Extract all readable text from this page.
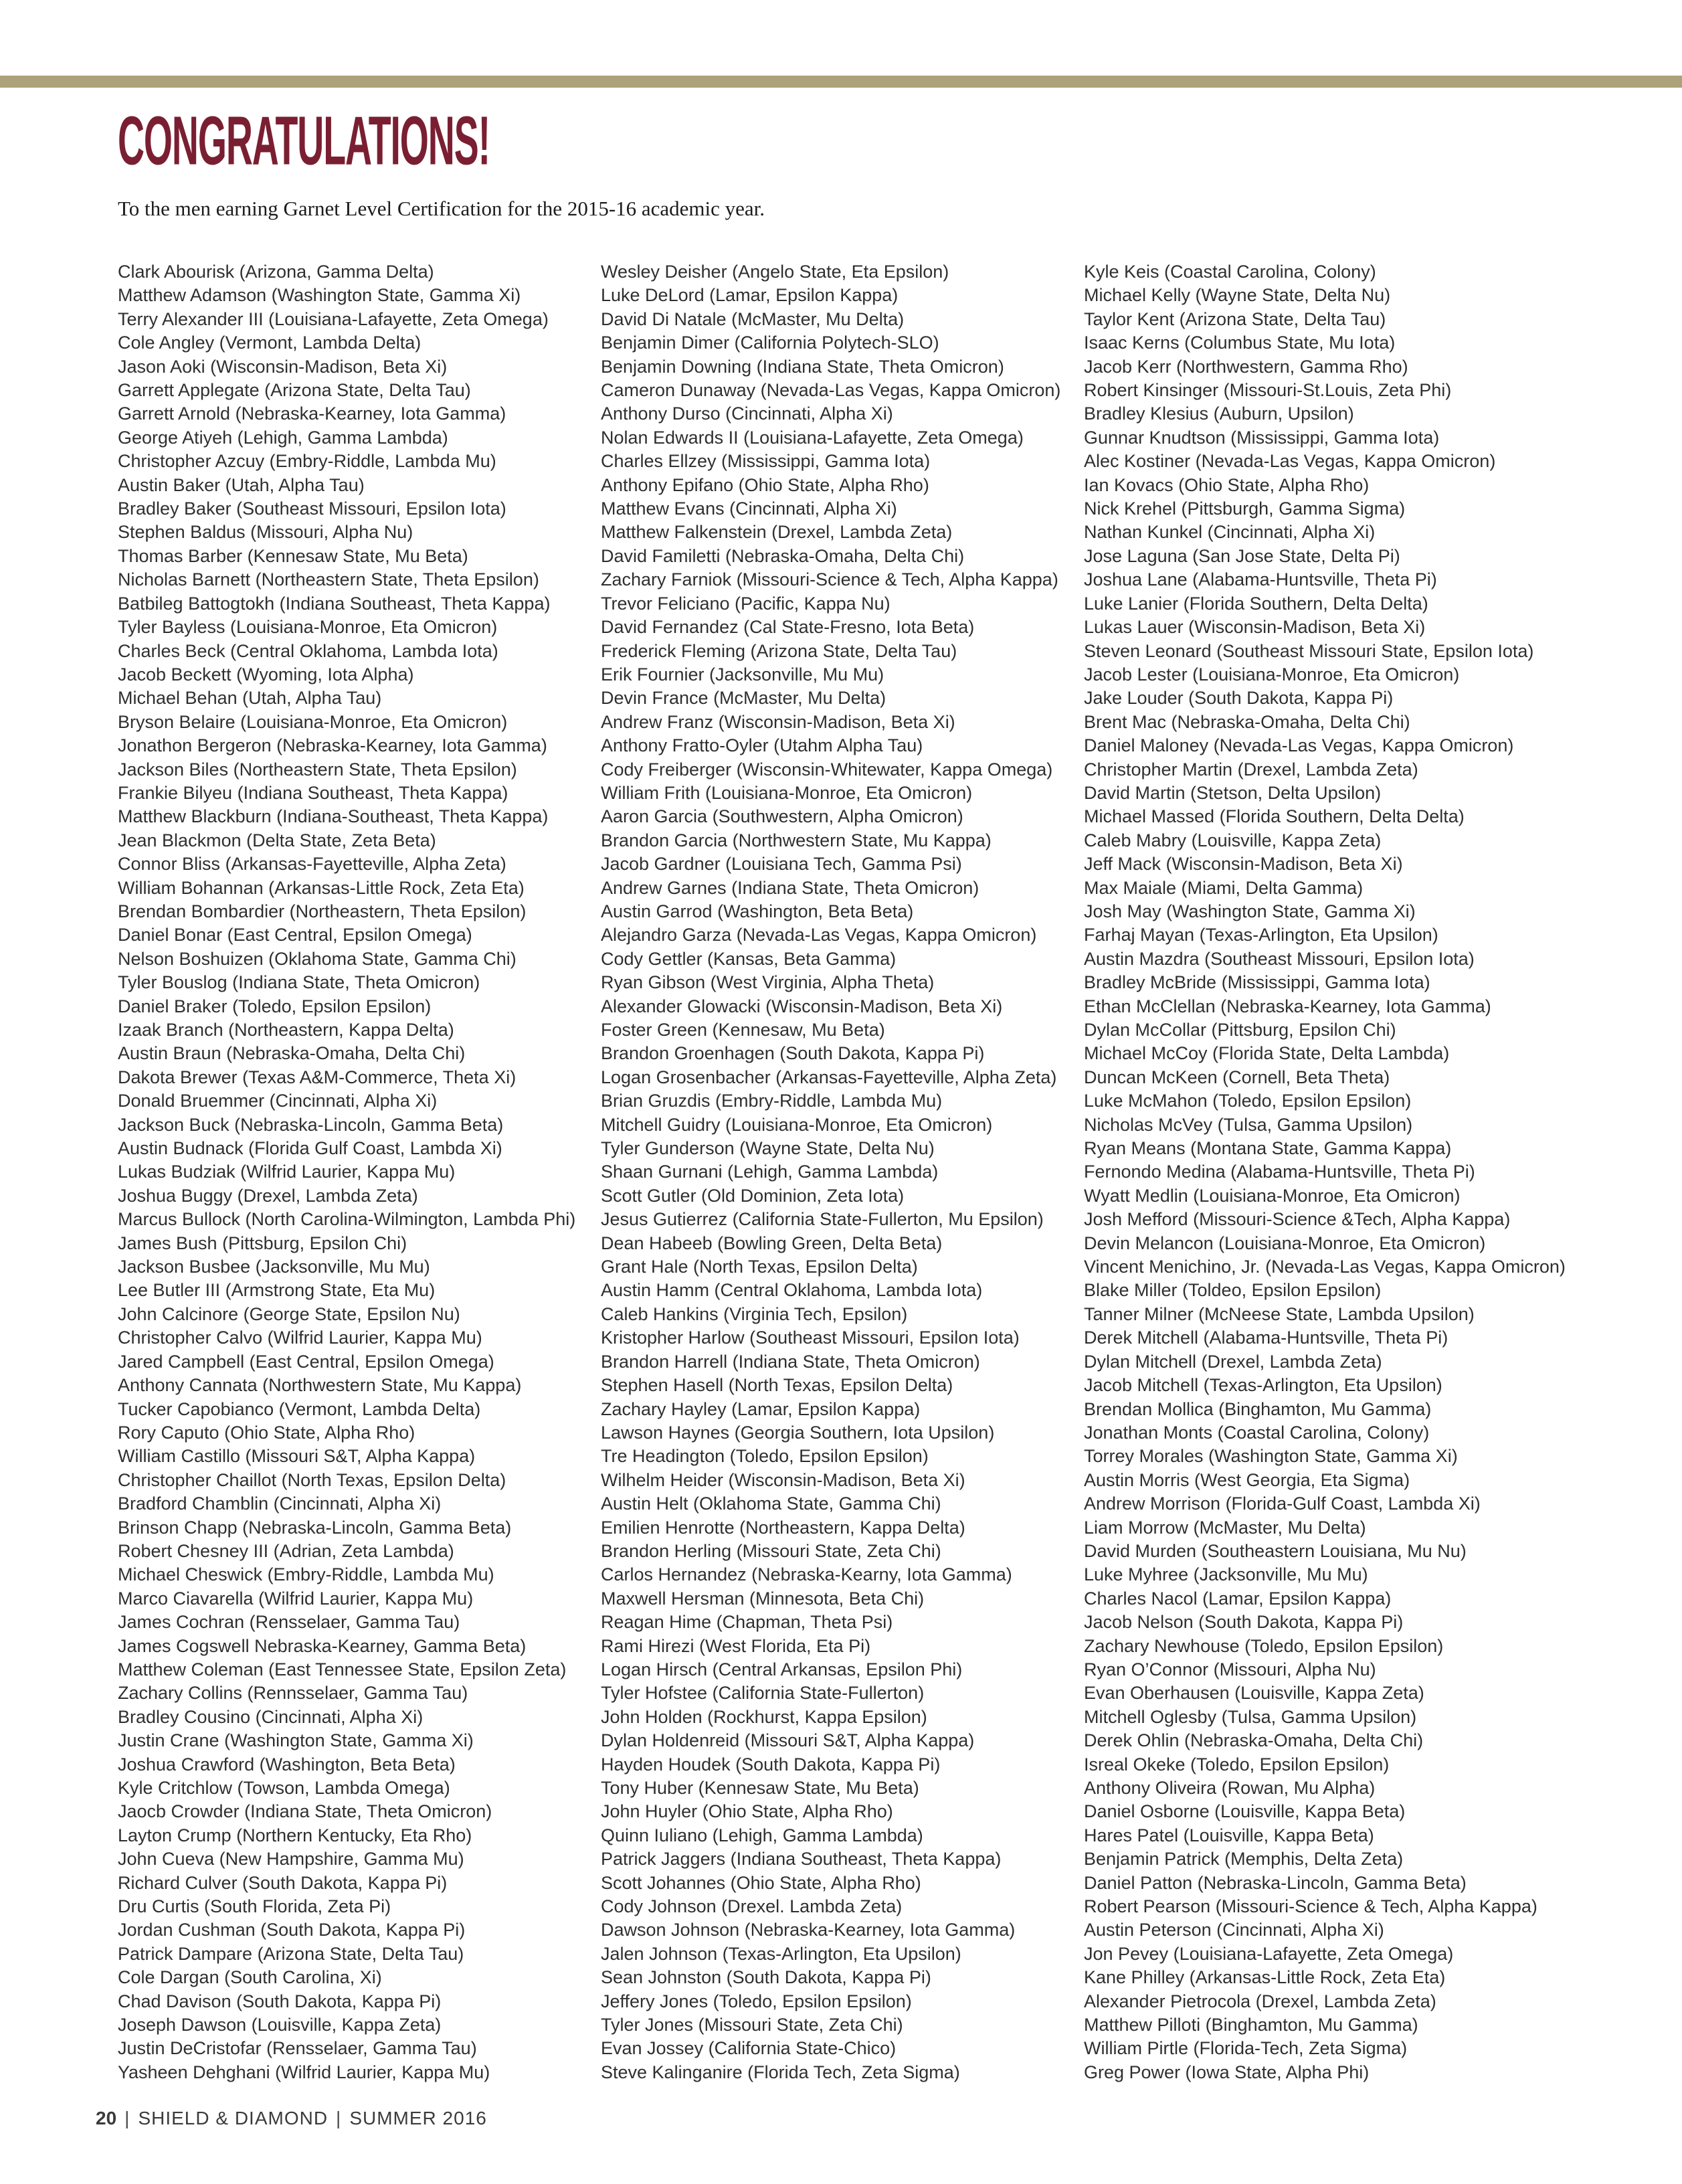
CONGRATULATIONS!

To the men earning Garnet Level Certification for the 2015-16 academic year.

Clark Abourisk (Arizona, Gamma Delta)
Matthew Adamson (Washington State, Gamma Xi)
Terry Alexander III (Louisiana-Lafayette, Zeta Omega)
Cole Angley (Vermont, Lambda Delta)
Jason Aoki (Wisconsin-Madison, Beta Xi)
Garrett Applegate (Arizona State, Delta Tau)
Garrett Arnold (Nebraska-Kearney, Iota Gamma)
George Atiyeh (Lehigh, Gamma Lambda)
Christopher Azcuy (Embry-Riddle, Lambda Mu)
Austin Baker (Utah, Alpha Tau)
Bradley Baker (Southeast Missouri, Epsilon Iota)
Stephen Baldus (Missouri, Alpha Nu)
Thomas Barber (Kennesaw State, Mu Beta)
Nicholas Barnett (Northeastern State, Theta Epsilon)
Batbileg Battogtokh (Indiana Southeast, Theta Kappa)
Tyler Bayless (Louisiana-Monroe, Eta Omicron)
Charles Beck (Central Oklahoma, Lambda Iota)
Jacob Beckett (Wyoming, Iota Alpha)
Michael Behan (Utah, Alpha Tau)
Bryson Belaire (Louisiana-Monroe, Eta Omicron)
Jonathon Bergeron (Nebraska-Kearney, Iota Gamma)
Jackson Biles (Northeastern State, Theta Epsilon)
Frankie Bilyeu (Indiana Southeast, Theta Kappa)
Matthew Blackburn (Indiana-Southeast, Theta Kappa)
Jean Blackmon (Delta State, Zeta Beta)
Connor Bliss (Arkansas-Fayetteville, Alpha Zeta)
William Bohannan (Arkansas-Little Rock, Zeta Eta)
Brendan Bombardier (Northeastern, Theta Epsilon)
Daniel Bonar (East Central, Epsilon Omega)
Nelson Boshuizen (Oklahoma State, Gamma Chi)
Tyler Bouslog (Indiana State, Theta Omicron)
Daniel Braker (Toledo, Epsilon Epsilon)
Izaak Branch (Northeastern, Kappa Delta)
Austin Braun (Nebraska-Omaha, Delta Chi)
Dakota Brewer (Texas A&M-Commerce, Theta Xi)
Donald Bruemmer (Cincinnati, Alpha Xi)
Jackson Buck (Nebraska-Lincoln, Gamma Beta)
Austin Budnack (Florida Gulf Coast, Lambda Xi)
Lukas Budziak (Wilfrid Laurier, Kappa Mu)
Joshua Buggy (Drexel, Lambda Zeta)
Marcus Bullock (North Carolina-Wilmington, Lambda Phi)
James Bush (Pittsburg, Epsilon Chi)
Jackson Busbee (Jacksonville, Mu Mu)
Lee Butler III (Armstrong State, Eta Mu)
John Calcinore (George State, Epsilon Nu)
Christopher Calvo (Wilfrid Laurier, Kappa Mu)
Jared Campbell (East Central, Epsilon Omega)
Anthony Cannata (Northwestern State, Mu Kappa)
Tucker Capobianco (Vermont, Lambda Delta)
Rory Caputo (Ohio State, Alpha Rho)
William Castillo (Missouri S&T, Alpha Kappa)
Christopher Chaillot (North Texas, Epsilon Delta)
Bradford Chamblin (Cincinnati, Alpha Xi)
Brinson Chapp (Nebraska-Lincoln, Gamma Beta)
Robert Chesney III (Adrian, Zeta Lambda)
Michael Cheswick (Embry-Riddle, Lambda Mu)
Marco Ciavarella (Wilfrid Laurier, Kappa Mu)
James Cochran (Rensselaer, Gamma Tau)
James Cogswell Nebraska-Kearney, Gamma Beta)
Matthew Coleman (East Tennessee State, Epsilon Zeta)
Zachary Collins (Rennsselaer, Gamma Tau)
Bradley Cousino (Cincinnati, Alpha Xi)
Justin Crane (Washington State, Gamma Xi)
Joshua Crawford (Washington, Beta Beta)
Kyle Critchlow (Towson, Lambda Omega)
Jaocb Crowder (Indiana State, Theta Omicron)
Layton Crump (Northern Kentucky, Eta Rho)
John Cueva (New Hampshire, Gamma Mu)
Richard Culver (South Dakota, Kappa Pi)
Dru Curtis (South Florida, Zeta Pi)
Jordan Cushman (South Dakota, Kappa Pi)
Patrick Dampare (Arizona State, Delta Tau)
Cole Dargan (South Carolina, Xi)
Chad Davison (South Dakota, Kappa Pi)
Joseph Dawson (Louisville, Kappa Zeta)
Justin DeCristofar (Rensselaer, Gamma Tau)
Yasheen Dehghani (Wilfrid Laurier, Kappa Mu)
Wesley Deisher (Angelo State, Eta Epsilon)
Luke DeLord (Lamar, Epsilon Kappa)
David Di Natale (McMaster, Mu Delta)
Benjamin Dimer (California Polytech-SLO)
Benjamin Downing (Indiana State, Theta Omicron)
Cameron Dunaway (Nevada-Las Vegas, Kappa Omicron)
Anthony Durso (Cincinnati, Alpha Xi)
Nolan Edwards II (Louisiana-Lafayette, Zeta Omega)
Charles Ellzey (Mississippi, Gamma Iota)
Anthony Epifano (Ohio State, Alpha Rho)
Matthew Evans (Cincinnati, Alpha Xi)
Matthew Falkenstein (Drexel, Lambda Zeta)
David Familetti (Nebraska-Omaha, Delta Chi)
Zachary Farniok (Missouri-Science & Tech, Alpha Kappa)
Trevor Feliciano (Pacific, Kappa Nu)
David Fernandez (Cal State-Fresno, Iota Beta)
Frederick Fleming (Arizona State, Delta Tau)
Erik Fournier (Jacksonville, Mu Mu)
Devin France (McMaster, Mu Delta)
Andrew Franz (Wisconsin-Madison, Beta Xi)
Anthony Fratto-Oyler (Utahm Alpha Tau)
Cody Freiberger (Wisconsin-Whitewater, Kappa Omega)
William Frith (Louisiana-Monroe, Eta Omicron)
Aaron Garcia (Southwestern, Alpha Omicron)
Brandon Garcia (Northwestern State, Mu Kappa)
Jacob Gardner (Louisiana Tech, Gamma Psi)
Andrew Garnes (Indiana State, Theta Omicron)
Austin Garrod (Washington, Beta Beta)
Alejandro Garza (Nevada-Las Vegas, Kappa Omicron)
Cody Gettler (Kansas, Beta Gamma)
Ryan Gibson (West Virginia, Alpha Theta)
Alexander Glowacki (Wisconsin-Madison, Beta Xi)
Foster Green (Kennesaw, Mu Beta)
Brandon Groenhagen (South Dakota, Kappa Pi)
Logan Grosenbacher (Arkansas-Fayetteville, Alpha Zeta)
Brian Gruzdis (Embry-Riddle, Lambda Mu)
Mitchell Guidry (Louisiana-Monroe, Eta Omicron)
Tyler Gunderson (Wayne State, Delta Nu)
Shaan Gurnani (Lehigh, Gamma Lambda)
Scott Gutler (Old Dominion, Zeta Iota)
Jesus Gutierrez (California State-Fullerton, Mu Epsilon)
Dean Habeeb (Bowling Green, Delta Beta)
Grant Hale (North Texas, Epsilon Delta)
Austin Hamm (Central Oklahoma, Lambda Iota)
Caleb Hankins (Virginia Tech, Epsilon)
Kristopher Harlow (Southeast Missouri, Epsilon Iota)
Brandon Harrell (Indiana State, Theta Omicron)
Stephen Hasell (North Texas, Epsilon Delta)
Zachary Hayley (Lamar, Epsilon Kappa)
Lawson Haynes (Georgia Southern, Iota Upsilon)
Tre Headington (Toledo, Epsilon Epsilon)
Wilhelm Heider (Wisconsin-Madison, Beta Xi)
Austin Helt (Oklahoma State, Gamma Chi)
Emilien Henrotte (Northeastern, Kappa Delta)
Brandon Herling (Missouri State, Zeta Chi)
Carlos Hernandez (Nebraska-Kearny, Iota Gamma)
Maxwell Hersman (Minnesota, Beta Chi)
Reagan Hime (Chapman, Theta Psi)
Rami Hirezi (West Florida, Eta Pi)
Logan Hirsch (Central Arkansas, Epsilon Phi)
Tyler Hofstee (California State-Fullerton)
John Holden (Rockhurst, Kappa Epsilon)
Dylan Holdenreid (Missouri S&T, Alpha Kappa)
Hayden Houdek (South Dakota, Kappa Pi)
Tony Huber (Kennesaw State, Mu Beta)
John Huyler (Ohio State, Alpha Rho)
Quinn Iuliano (Lehigh, Gamma Lambda)
Patrick Jaggers (Indiana Southeast, Theta Kappa)
Scott Johannes (Ohio State, Alpha Rho)
Cody Johnson (Drexel. Lambda Zeta)
Dawson Johnson (Nebraska-Kearney, Iota Gamma)
Jalen Johnson (Texas-Arlington, Eta Upsilon)
Sean Johnston (South Dakota, Kappa Pi)
Jeffery Jones (Toledo, Epsilon Epsilon)
Tyler Jones (Missouri State, Zeta Chi)
Evan Jossey (California State-Chico)
Steve Kalinganire (Florida Tech, Zeta Sigma)
Kyle Keis (Coastal Carolina, Colony)
Michael Kelly (Wayne State, Delta Nu)
Taylor Kent (Arizona State, Delta Tau)
Isaac Kerns (Columbus State, Mu Iota)
Jacob Kerr (Northwestern, Gamma Rho)
Robert Kinsinger (Missouri-St.Louis, Zeta Phi)
Bradley Klesius (Auburn, Upsilon)
Gunnar Knudtson (Mississippi, Gamma Iota)
Alec Kostiner (Nevada-Las Vegas, Kappa Omicron)
Ian Kovacs (Ohio State, Alpha Rho)
Nick Krehel (Pittsburgh, Gamma Sigma)
Nathan Kunkel (Cincinnati, Alpha Xi)
Jose Laguna (San Jose State, Delta Pi)
Joshua Lane (Alabama-Huntsville, Theta Pi)
Luke Lanier (Florida Southern, Delta Delta)
Lukas Lauer (Wisconsin-Madison, Beta Xi)
Steven Leonard (Southeast Missouri State, Epsilon Iota)
Jacob Lester (Louisiana-Monroe, Eta Omicron)
Jake Louder (South Dakota, Kappa Pi)
Brent Mac (Nebraska-Omaha, Delta Chi)
Daniel Maloney (Nevada-Las Vegas, Kappa Omicron)
Christopher Martin (Drexel, Lambda Zeta)
David Martin (Stetson, Delta Upsilon)
Michael Massed (Florida Southern, Delta Delta)
Caleb Mabry (Louisville, Kappa Zeta)
Jeff Mack (Wisconsin-Madison, Beta Xi)
Max Maiale (Miami, Delta Gamma)
Josh May (Washington State, Gamma Xi)
Farhaj Mayan (Texas-Arlington, Eta Upsilon)
Austin Mazdra (Southeast Missouri, Epsilon Iota)
Bradley McBride (Mississippi, Gamma Iota)
Ethan McClellan (Nebraska-Kearney, Iota Gamma)
Dylan McCollar (Pittsburg, Epsilon Chi)
Michael McCoy (Florida State, Delta Lambda)
Duncan McKeen (Cornell, Beta Theta)
Luke McMahon (Toledo, Epsilon Epsilon)
Nicholas McVey (Tulsa, Gamma Upsilon)
Ryan Means (Montana State, Gamma Kappa)
Fernondo Medina (Alabama-Huntsville, Theta Pi)
Wyatt Medlin (Louisiana-Monroe, Eta Omicron)
Josh Mefford (Missouri-Science &Tech, Alpha Kappa)
Devin Melancon (Louisiana-Monroe, Eta Omicron)
Vincent Menichino, Jr. (Nevada-Las Vegas, Kappa Omicron)
Blake Miller (Toldeo, Epsilon Epsilon)
Tanner Milner (McNeese State, Lambda Upsilon)
Derek Mitchell (Alabama-Huntsville, Theta Pi)
Dylan Mitchell (Drexel, Lambda Zeta)
Jacob Mitchell (Texas-Arlington, Eta Upsilon)
Brendan Mollica (Binghamton, Mu Gamma)
Jonathan Monts (Coastal Carolina, Colony)
Torrey Morales (Washington State, Gamma Xi)
Austin Morris (West Georgia, Eta Sigma)
Andrew Morrison (Florida-Gulf Coast, Lambda Xi)
Liam Morrow (McMaster, Mu Delta)
David Murden (Southeastern Louisiana, Mu Nu)
Luke Myhree (Jacksonville, Mu Mu)
Charles Nacol (Lamar, Epsilon Kappa)
Jacob Nelson (South Dakota, Kappa Pi)
Zachary Newhouse (Toledo, Epsilon Epsilon)
Ryan O’Connor (Missouri, Alpha Nu)
Evan Oberhausen (Louisville, Kappa Zeta)
Mitchell Oglesby (Tulsa, Gamma Upsilon)
Derek Ohlin (Nebraska-Omaha, Delta Chi)
Isreal Okeke (Toledo, Epsilon Epsilon)
Anthony Oliveira (Rowan, Mu Alpha)
Daniel Osborne (Louisville, Kappa Beta)
Hares Patel (Louisville, Kappa Beta)
Benjamin Patrick (Memphis, Delta Zeta)
Daniel Patton (Nebraska-Lincoln, Gamma Beta)
Robert Pearson (Missouri-Science & Tech, Alpha Kappa)
Austin Peterson (Cincinnati, Alpha Xi)
Jon Pevey (Louisiana-Lafayette, Zeta Omega)
Kane Philley (Arkansas-Little Rock, Zeta Eta)
Alexander Pietrocola (Drexel, Lambda Zeta)
Matthew Pilloti (Binghamton, Mu Gamma)
William Pirtle (Florida-Tech, Zeta Sigma)
Greg Power (Iowa State, Alpha Phi)
20 | SHIELD & DIAMOND | SUMMER 2016
